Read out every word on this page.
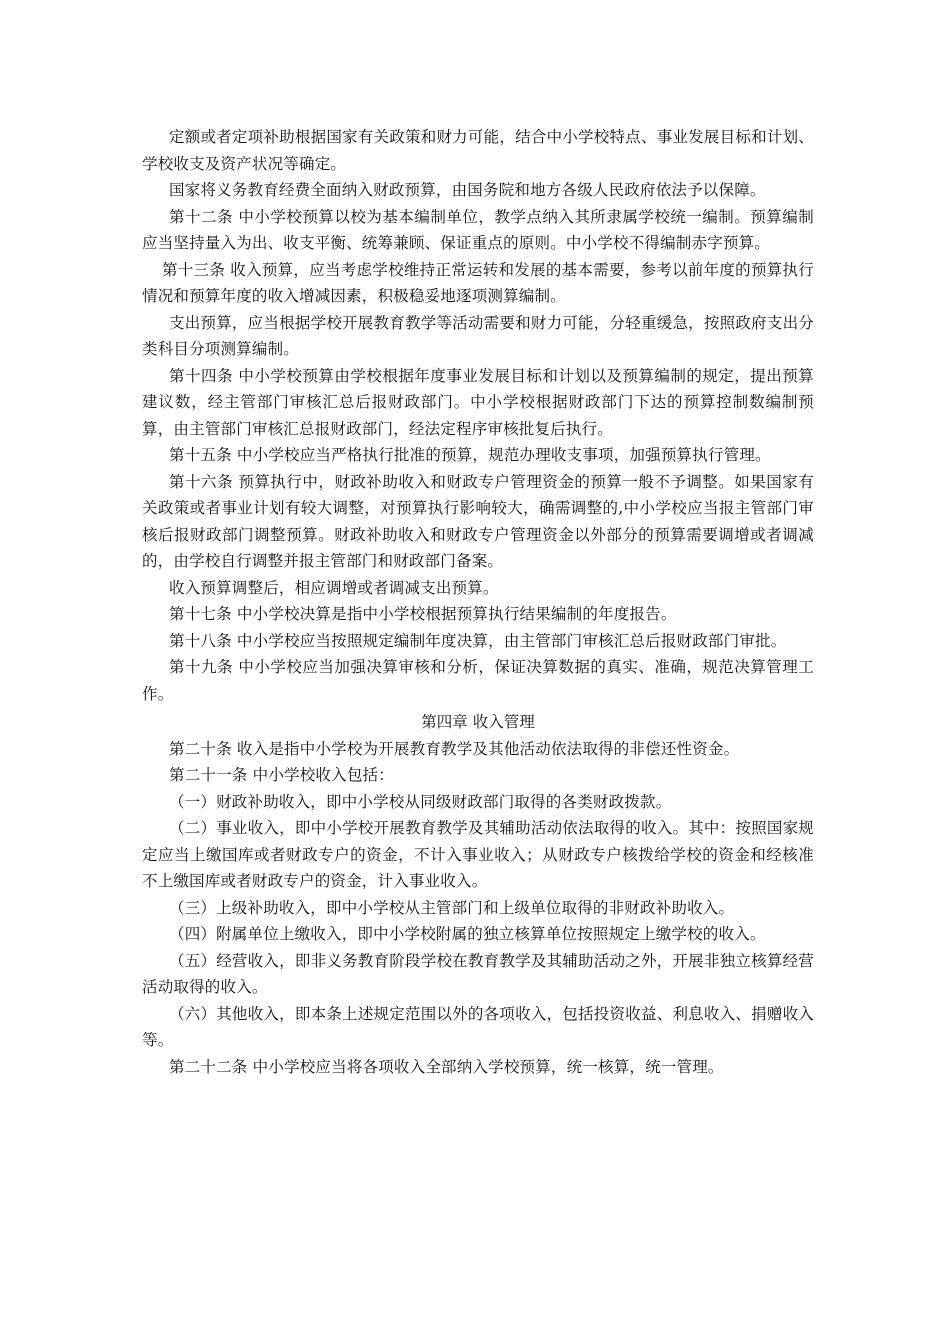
定额或者定项补助根据国家有关政策和财力可能，结合中小学校特点、事业发展目标和计划、学校收支及资产状况等确定。

国家将义务教育经费全面纳入财政预算，由国务院和地方各级人民政府依法予以保障。

第十二条 中小学校预算以校为基本编制单位，教学点纳入其所隶属学校统一编制。预算编制应当坚持量入为出、收支平衡、统筹兼顾、保证重点的原则。中小学校不得编制赤字预算。

第十三条 收入预算，应当考虑学校维持正常运转和发展的基本需要，参考以前年度的预算执行情况和预算年度的收入增减因素，积极稳妥地逐项测算编制。

支出预算，应当根据学校开展教育教学等活动需要和财力可能，分轻重缓急，按照政府支出分类科目分项测算编制。

第十四条 中小学校预算由学校根据年度事业发展目标和计划以及预算编制的规定，提出预算建议数，经主管部门审核汇总后报财政部门。中小学校根据财政部门下达的预算控制数编制预算，由主管部门审核汇总报财政部门，经法定程序审核批复后执行。

第十五条 中小学校应当严格执行批准的预算，规范办理收支事项，加强预算执行管理。

第十六条 预算执行中，财政补助收入和财政专户管理资金的预算一般不予调整。如果国家有关政策或者事业计划有较大调整，对预算执行影响较大，确需调整的,中小学校应当报主管部门审核后报财政部门调整预算。财政补助收入和财政专户管理资金以外部分的预算需要调增或者调减的，由学校自行调整并报主管部门和财政部门备案。

收入预算调整后，相应调增或者调减支出预算。

第十七条 中小学校决算是指中小学校根据预算执行结果编制的年度报告。

第十八条 中小学校应当按照规定编制年度决算，由主管部门审核汇总后报财政部门审批。

第十九条 中小学校应当加强决算审核和分析，保证决算数据的真实、准确，规范决算管理工作。

第四章 收入管理

第二十条 收入是指中小学校为开展教育教学及其他活动依法取得的非偿还性资金。

第二十一条 中小学校收入包括：

（一）财政补助收入，即中小学校从同级财政部门取得的各类财政拨款。

（二）事业收入，即中小学校开展教育教学及其辅助活动依法取得的收入。其中：按照国家规定应当上缴国库或者财政专户的资金，不计入事业收入；从财政专户核拨给学校的资金和经核准不上缴国库或者财政专户的资金，计入事业收入。

（三）上级补助收入，即中小学校从主管部门和上级单位取得的非财政补助收入。

（四）附属单位上缴收入，即中小学校附属的独立核算单位按照规定上缴学校的收入。

（五）经营收入，即非义务教育阶段学校在教育教学及其辅助活动之外，开展非独立核算经营活动取得的收入。

（六）其他收入，即本条上述规定范围以外的各项收入，包括投资收益、利息收入、捐赠收入等。

第二十二条 中小学校应当将各项收入全部纳入学校预算，统一核算，统一管理。
